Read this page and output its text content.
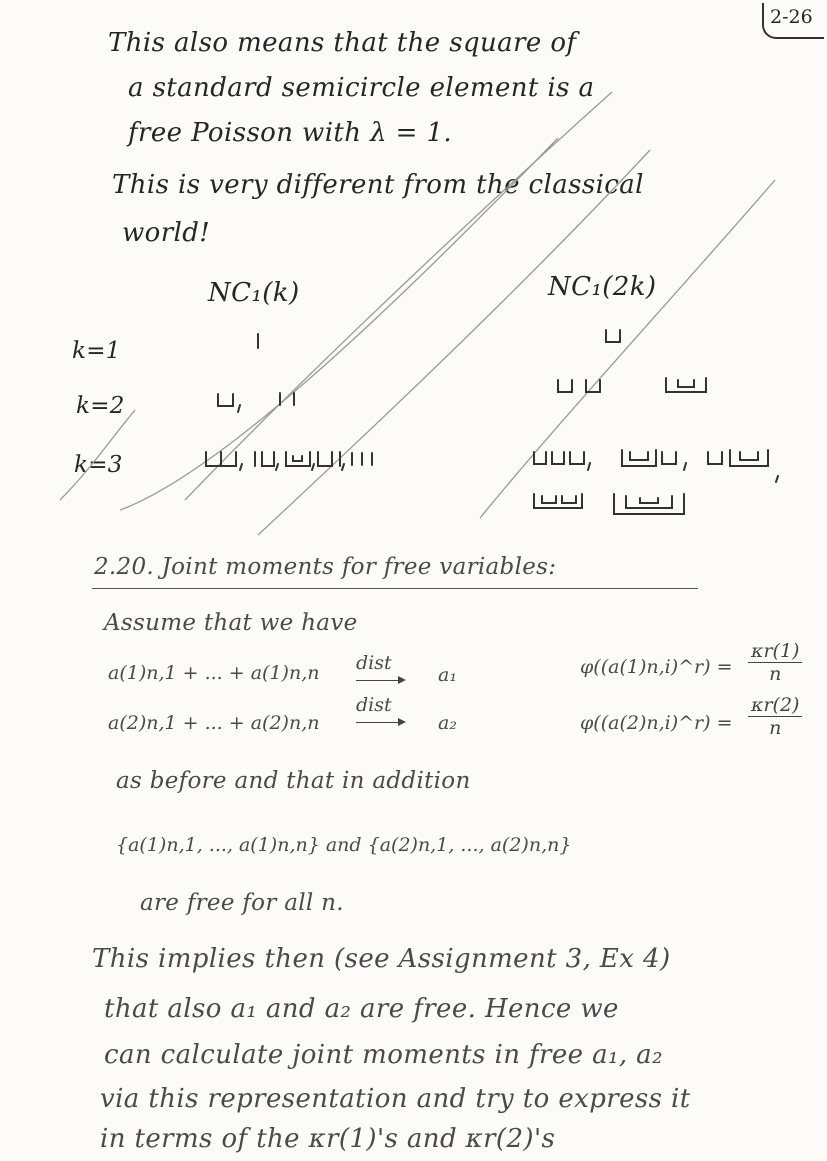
2-26
This also means that the square of
a standard semicircle element is a
free Poisson with λ = 1.
This is very different from the classical
world!
NC₁(k)	NC₁(2k)
k=1
k=2
k=3
2.20. Joint moments for free variables:
Assume that we have
a(1)n,1 + ... + a(1)n,n dist
a₁
a(2)n,1 + ... + a(2)n,n
dist
a₂
φ((a(1)n,i)^r) = $\frac{\kappa r(1)}{n}$
φ((a(2)n,i)^r) = $\frac{\kappa r(2)}{n}$
as before and that in addition
{a(1)n,1, ..., a(1)n,n} and {a(2)n,1, ..., a(2)n,n}
are free for all n.
This implies then (see Assignment 3, Ex 4)
that also a₁ and a₂ are free. Hence we
can calculate joint moments in free a₁, a₂
via this representation and try to express it
in terms of the κr(1)'s and κr(2)'s
